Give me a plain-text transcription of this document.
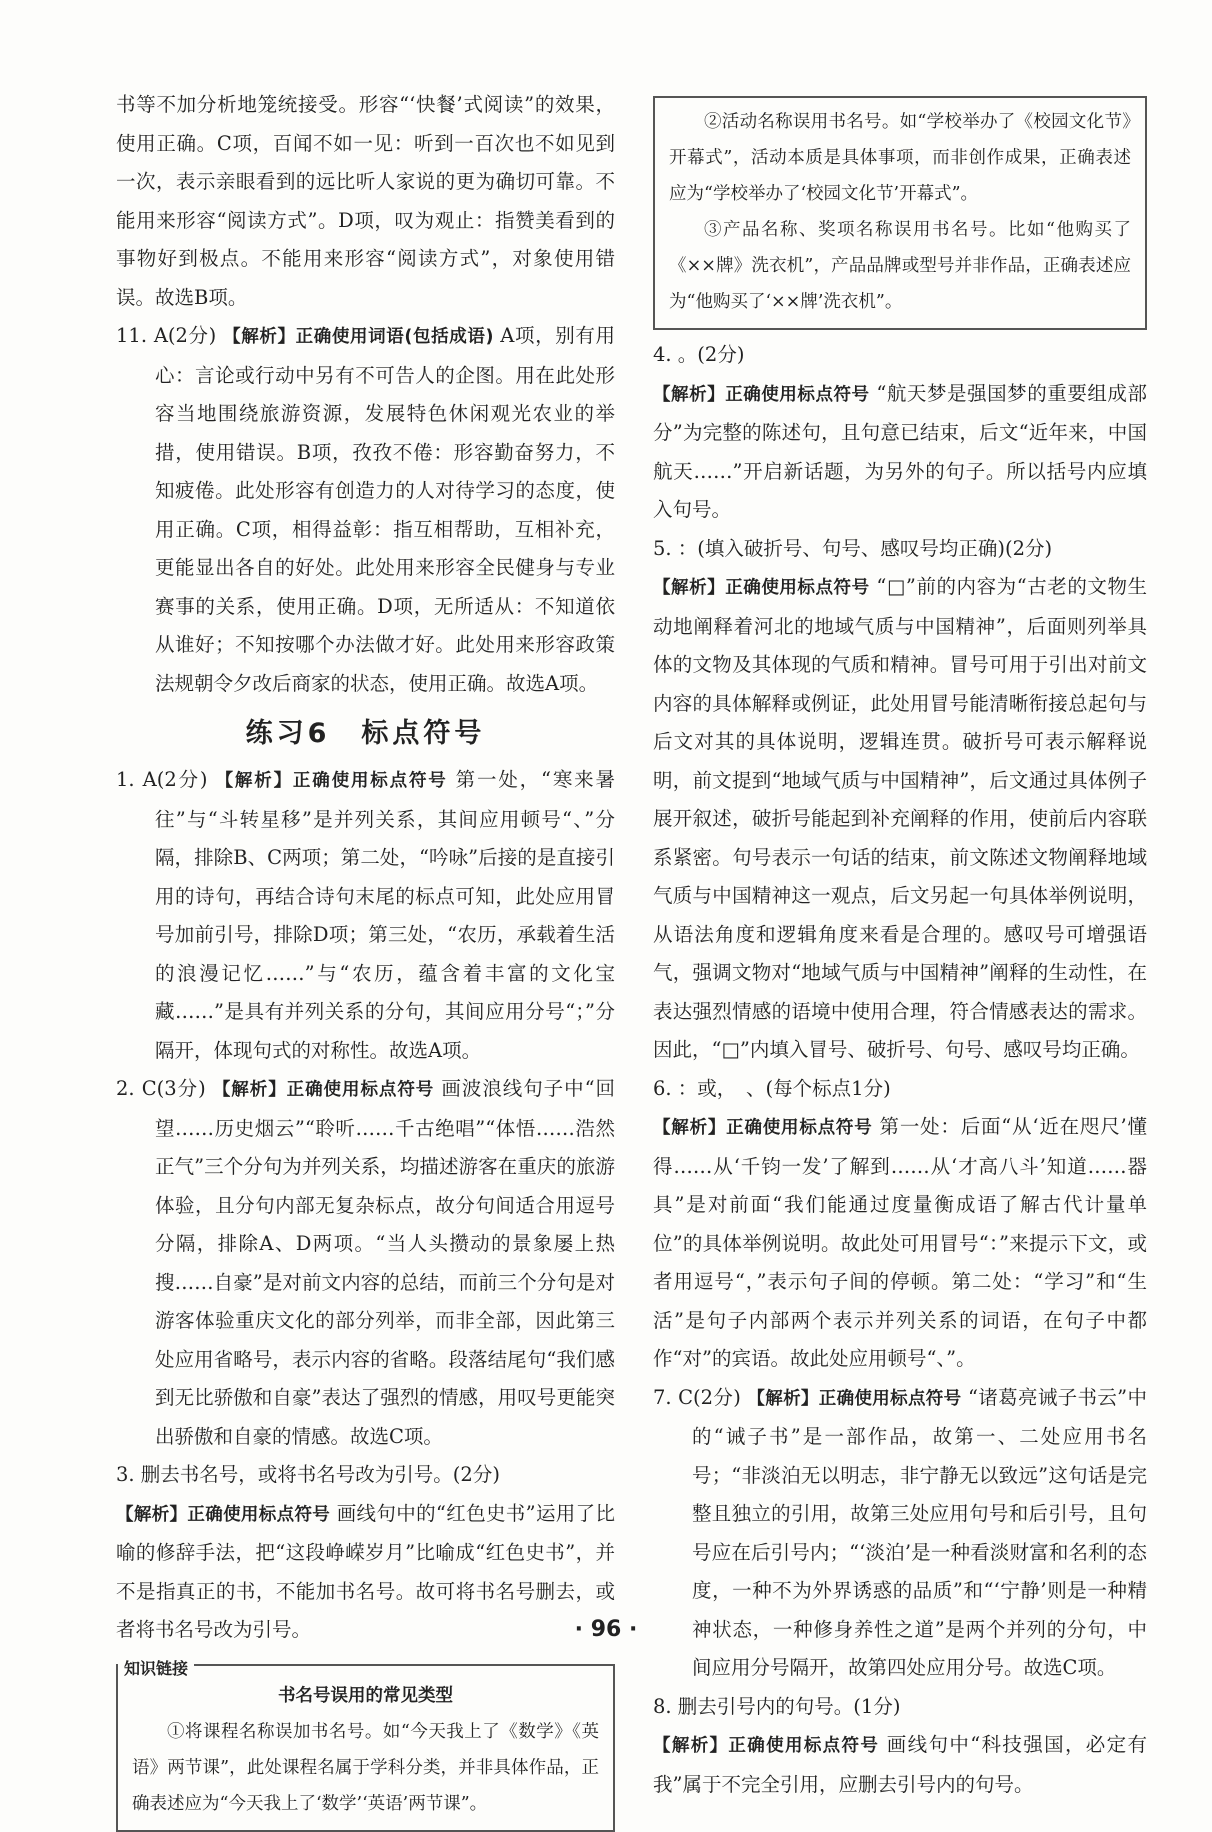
书等不加分析地笼统接受。形容“‘快餐’式阅读”的效果，使用正确。C项，百闻不如一见：听到一百次也不如见到一次，表示亲眼看到的远比听人家说的更为确切可靠。不能用来形容“阅读方式”。D项，叹为观止：指赞美看到的事物好到极点。不能用来形容“阅读方式”，对象使用错误。故选B项。

11. A(2分) 【解析】正确使用词语(包括成语) A项，别有用心：言论或行动中另有不可告人的企图。用在此处形容当地围绕旅游资源，发展特色休闲观光农业的举措，使用错误。B项，孜孜不倦：形容勤奋努力，不知疲倦。此处形容有创造力的人对待学习的态度，使用正确。C项，相得益彰：指互相帮助，互相补充，更能显出各自的好处。此处用来形容全民健身与专业赛事的关系，使用正确。D项，无所适从：不知道依从谁好；不知按哪个办法做才好。此处用来形容政策法规朝令夕改后商家的状态，使用正确。故选A项。

练习6　标点符号

1. A(2分) 【解析】正确使用标点符号 第一处，“寒来暑往”与“斗转星移”是并列关系，其间应用顿号“、”分隔，排除B、C两项；第二处，“吟咏”后接的是直接引用的诗句，再结合诗句末尾的标点可知，此处应用冒号加前引号，排除D项；第三处，“农历，承载着生活的浪漫记忆……”与“农历，蕴含着丰富的文化宝藏……”是具有并列关系的分句，其间应用分号“；”分隔开，体现句式的对称性。故选A项。

2. C(3分) 【解析】正确使用标点符号 画波浪线句子中“回望……历史烟云”“聆听……千古绝唱”“体悟……浩然正气”三个分句为并列关系，均描述游客在重庆的旅游体验，且分句内部无复杂标点，故分句间适合用逗号分隔，排除A、D两项。“当人头攒动的景象屡上热搜……自豪”是对前文内容的总结，而前三个分句是对游客体验重庆文化的部分列举，而非全部，因此第三处应用省略号，表示内容的省略。段落结尾句“我们感到无比骄傲和自豪”表达了强烈的情感，用叹号更能突出骄傲和自豪的情感。故选C项。

3. 删去书名号，或将书名号改为引号。(2分)

【解析】正确使用标点符号 画线句中的“红色史书”运用了比喻的修辞手法，把“这段峥嵘岁月”比喻成“红色史书”，并不是指真正的书，不能加书名号。故可将书名号删去，或者将书名号改为引号。

知识链接
书名号误用的常见类型

①将课程名称误加书名号。如“今天我上了《数学》《英语》两节课”，此处课程名属于学科分类，并非具体作品，正确表述应为“今天我上了‘数学’‘英语’两节课”。

②活动名称误用书名号。如“学校举办了《校园文化节》开幕式”，活动本质是具体事项，而非创作成果，正确表述应为“学校举办了‘校园文化节’开幕式”。

③产品名称、奖项名称误用书名号。比如“他购买了《××牌》洗衣机”，产品品牌或型号并非作品，正确表述应为“他购买了‘××牌’洗衣机”。

4. 。(2分)

【解析】正确使用标点符号 “航天梦是强国梦的重要组成部分”为完整的陈述句，且句意已结束，后文“近年来，中国航天……”开启新话题，为另外的句子。所以括号内应填入句号。

5. ：(填入破折号、句号、感叹号均正确)(2分)

【解析】正确使用标点符号 “□”前的内容为“古老的文物生动地阐释着河北的地域气质与中国精神”，后面则列举具体的文物及其体现的气质和精神。冒号可用于引出对前文内容的具体解释或例证，此处用冒号能清晰衔接总起句与后文对其的具体说明，逻辑连贯。破折号可表示解释说明，前文提到“地域气质与中国精神”，后文通过具体例子展开叙述，破折号能起到补充阐释的作用，使前后内容联系紧密。句号表示一句话的结束，前文陈述文物阐释地域气质与中国精神这一观点，后文另起一句具体举例说明，从语法角度和逻辑角度来看是合理的。感叹号可增强语气，强调文物对“地域气质与中国精神”阐释的生动性，在表达强烈情感的语境中使用合理，符合情感表达的需求。因此，“□”内填入冒号、破折号、句号、感叹号均正确。

6. ：或，　、(每个标点1分)

【解析】正确使用标点符号 第一处：后面“从‘近在咫尺’懂得……从‘千钧一发’了解到……从‘才高八斗’知道……器具”是对前面“我们能通过度量衡成语了解古代计量单位”的具体举例说明。故此处可用冒号“：”来提示下文，或者用逗号“，”表示句子间的停顿。第二处：“学习”和“生活”是句子内部两个表示并列关系的词语，在句子中都作“对”的宾语。故此处应用顿号“、”。

7. C(2分) 【解析】正确使用标点符号 “诸葛亮诫子书云”中的“诫子书”是一部作品，故第一、二处应用书名号；“非淡泊无以明志，非宁静无以致远”这句话是完整且独立的引用，故第三处应用句号和后引号，且句号应在后引号内；“‘淡泊’是一种看淡财富和名利的态度，一种不为外界诱惑的品质”和“‘宁静’则是一种精神状态，一种修身养性之道”是两个并列的分句，中间应用分号隔开，故第四处应用分号。故选C项。

8. 删去引号内的句号。(1分)

【解析】正确使用标点符号 画线句中“科技强国，必定有我”属于不完全引用，应删去引号内的句号。

· 96 ·
